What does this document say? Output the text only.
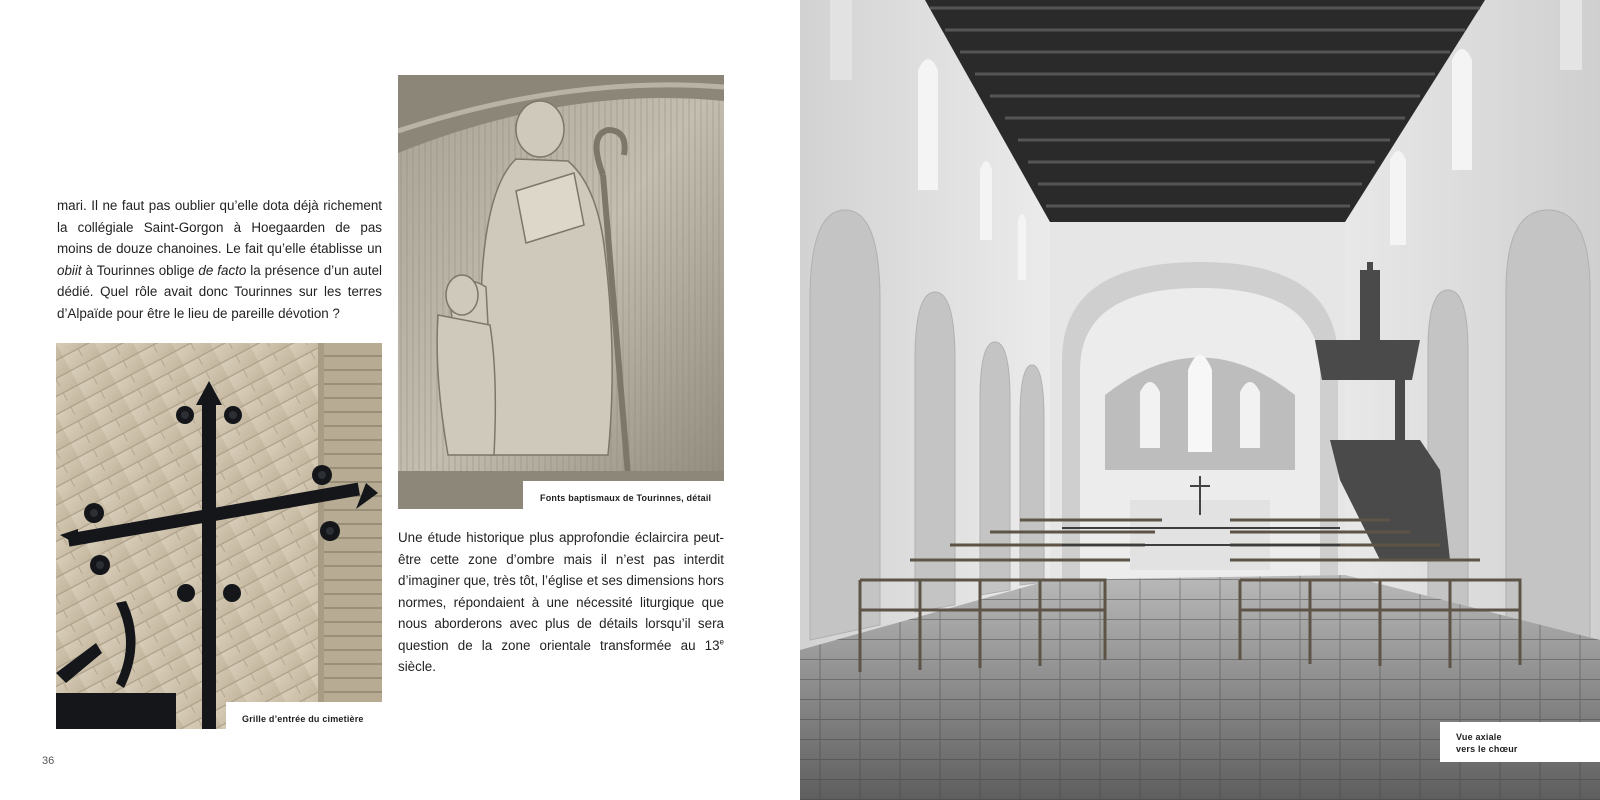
mari. Il ne faut pas oublier qu’elle dota déjà richement la collégiale Saint-Gorgon à Hoegaarden de pas moins de douze chanoines. Le fait qu’elle établisse un obiit à Tourinnes oblige de facto la présence d’un autel dédié. Quel rôle avait donc Tourinnes sur les terres d’Alpaïde pour être le lieu de pareille dévotion ?

Grille d’entrée du cimetière
Fonts baptismaux de Tourinnes, détail

Une étude historique plus approfondie éclaircira peut-être cette zone d’ombre mais il n’est pas interdit d’imaginer que, très tôt, l’église et ses dimensions hors normes, répondaient à une nécessité liturgique que nous aborderons avec plus de détails lorsqu’il sera question de la zone orientale transformée au 13e siècle.

36
Vue axiale
vers le chœur
